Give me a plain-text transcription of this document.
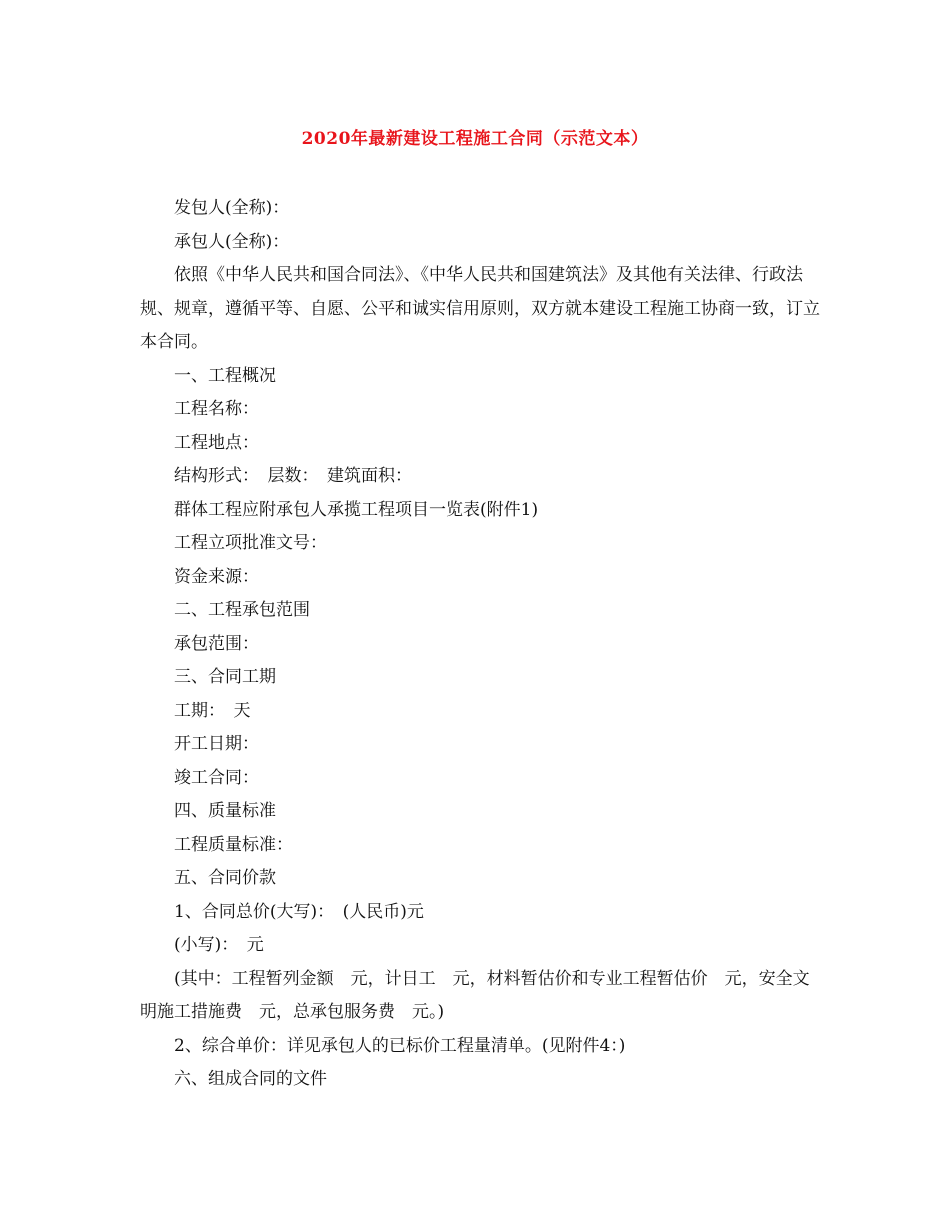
2020年最新建设工程施工合同（示范文本）

发包人(全称)：

承包人(全称)：

依照《中华人民共和国合同法》、《中华人民共和国建筑法》及其他有关法律、行政法规、规章，遵循平等、自愿、公平和诚实信用原则，双方就本建设工程施工协商一致，订立本合同。

一、工程概况

工程名称：

工程地点：

结构形式：　层数：　建筑面积：

群体工程应附承包人承揽工程项目一览表(附件1)

工程立项批准文号：

资金来源：

二、工程承包范围

承包范围：

三、合同工期

工期：　天

开工日期：

竣工合同：

四、质量标准

工程质量标准：

五、合同价款

1、合同总价(大写)：　(人民币)元

(小写)：　元

(其中：工程暂列金额　元，计日工　元，材料暂估价和专业工程暂估价　元，安全文明施工措施费　元，总承包服务费　元。)

2、综合单价：详见承包人的已标价工程量清单。(见附件4：)

六、组成合同的文件
